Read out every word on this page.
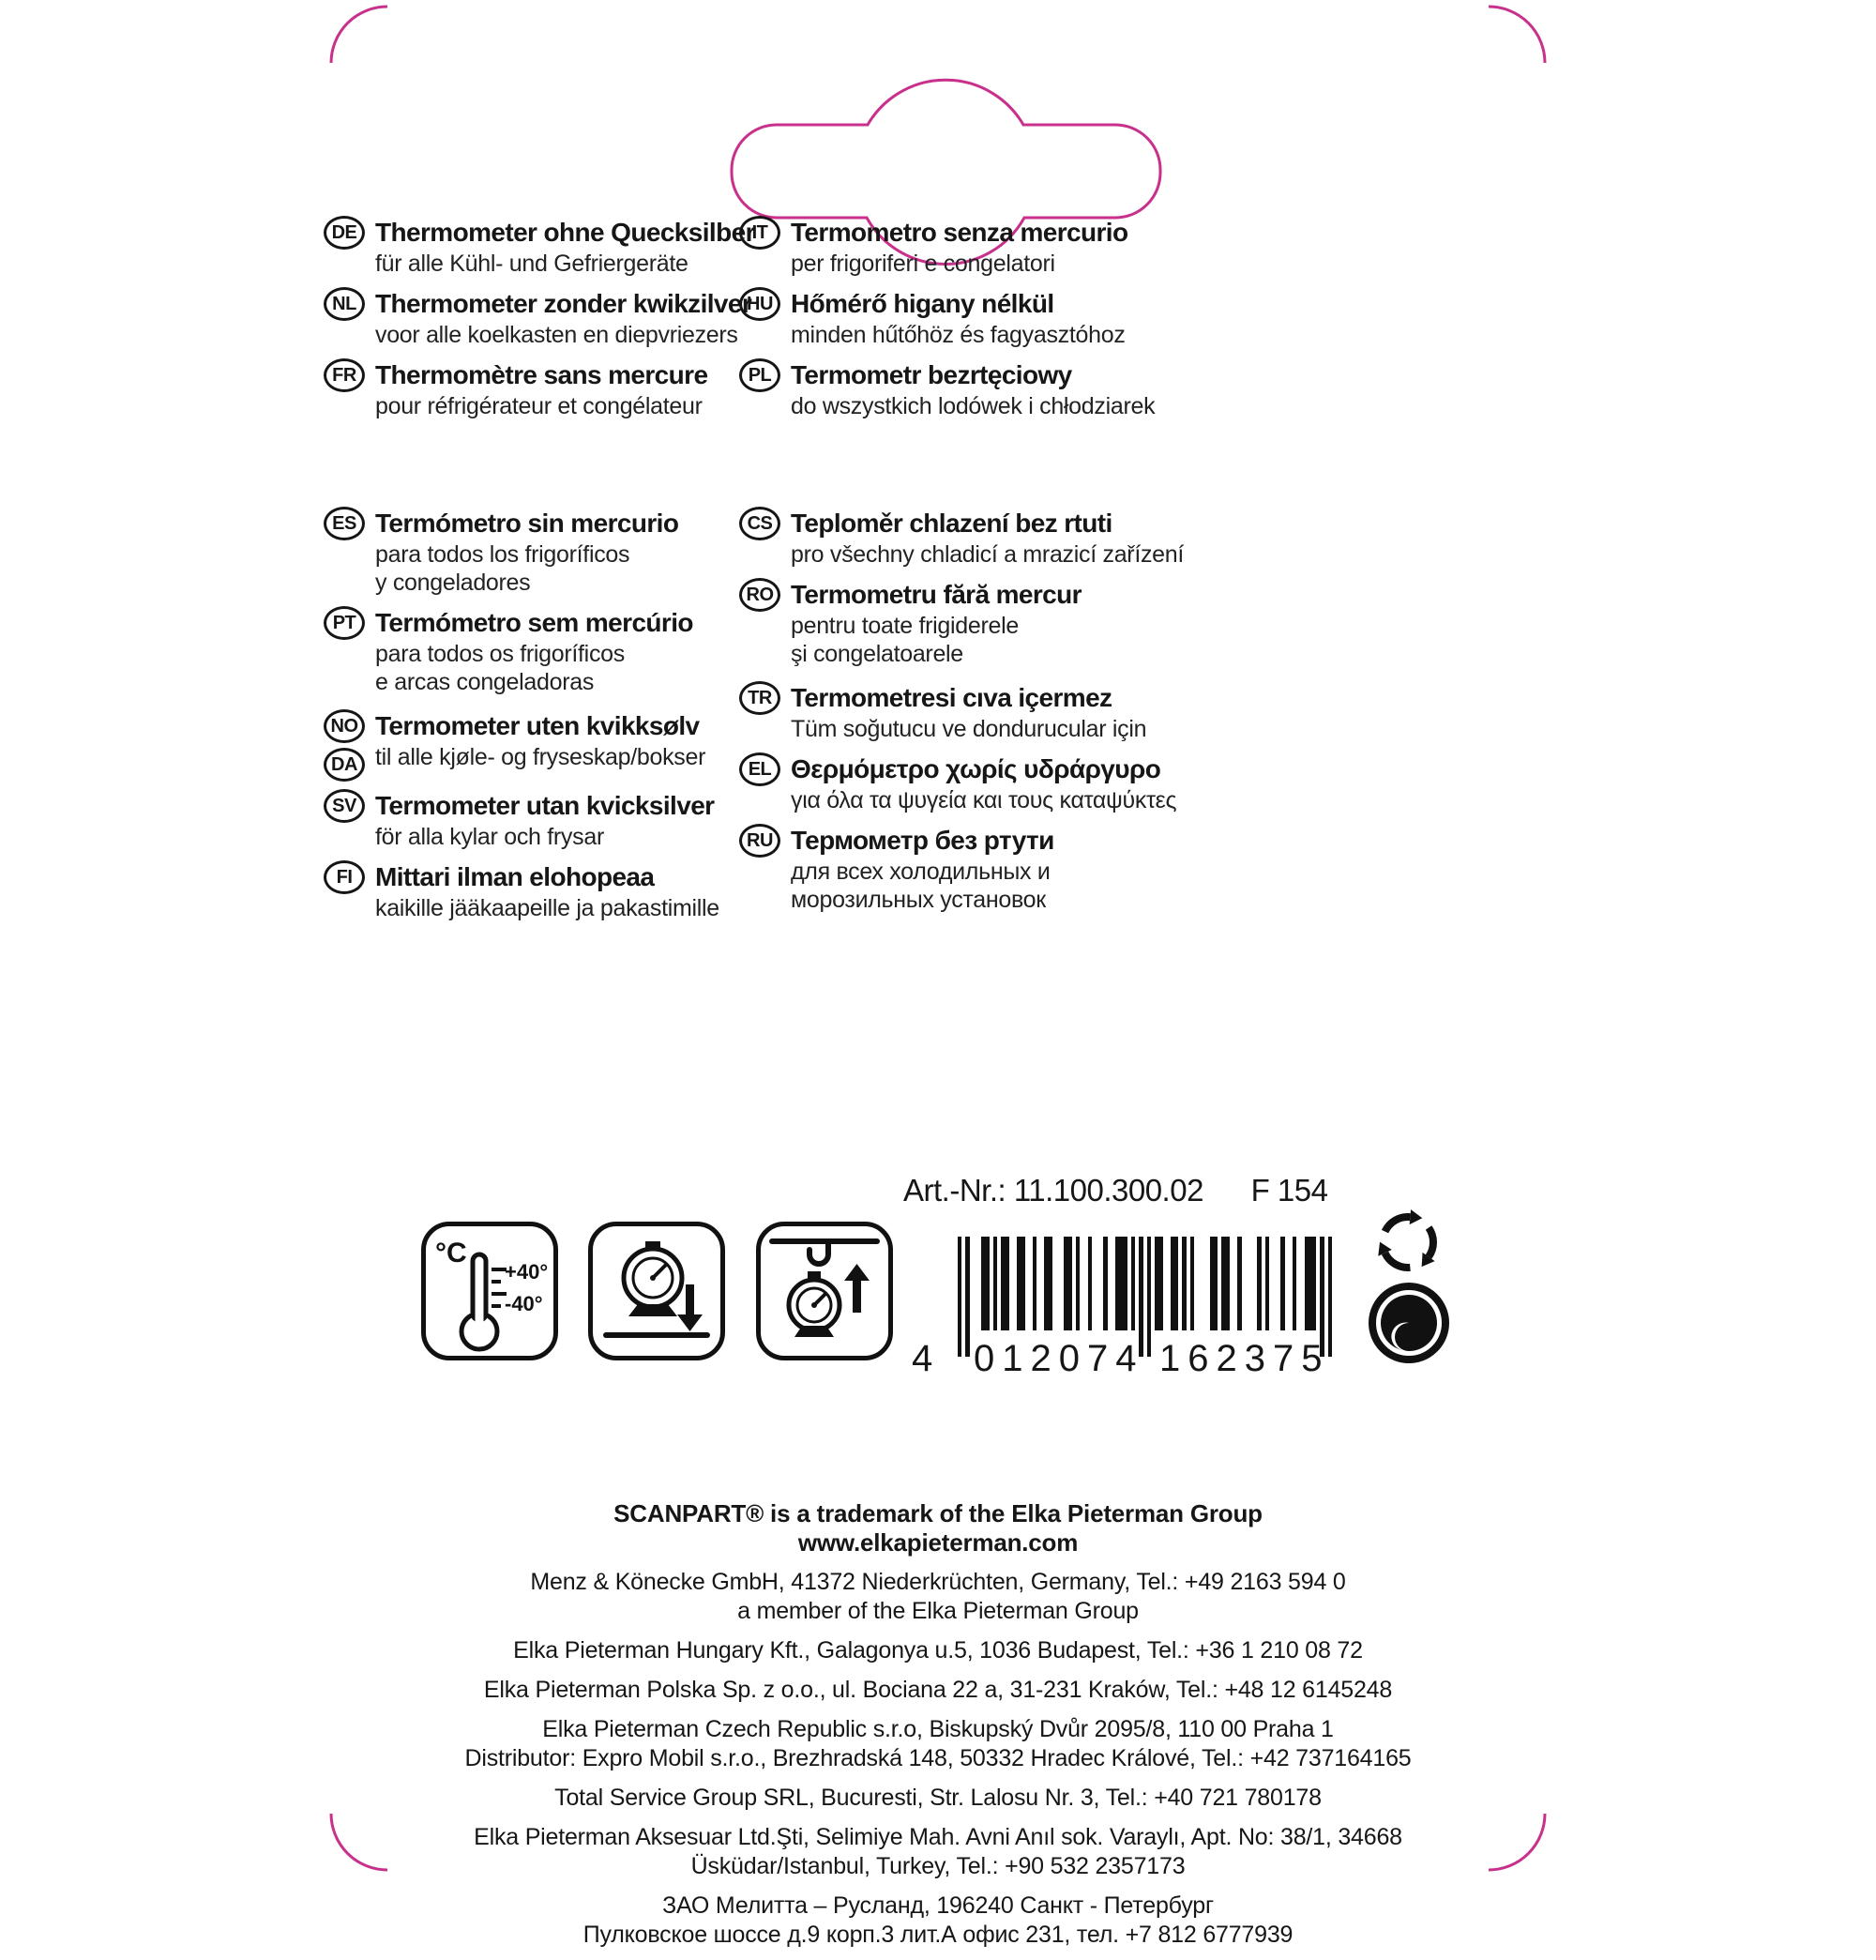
DE Thermometer ohne Quecksilber
für alle Kühl- und Gefriergeräte
NL Thermometer zonder kwikzilver
voor alle koelkasten en diepvriezers
FR Thermomètre sans mercure
pour réfrigérateur et congélateur
ES Termómetro sin mercurio
para todos los frigoríficos
y congeladores
PT Termómetro sem mercúrio
para todos os frigoríficos
e arcas congeladoras
NO
DA
Termometer uten kvikksølv
til alle kjøle- og fryseskap/bokser
SV Termometer utan kvicksilver
för alla kylar och frysar
FI Mittari ilman elohopeaa
kaikille jääkaapeille ja pakastimille
IT Termometro senza mercurio
per frigoriferi e congelatori
HU Hőmérő higany nélkül
minden hűtőhöz és fagyasztóhoz
PL Termometr bezrtęciowy
do wszystkich lodówek i chłodziarek
CS Teploměr chlazení bez rtuti
pro všechny chladicí a mrazicí zařízení
RO Termometru fără mercur
pentru toate frigiderele
şi congelatoarele
TR Termometresi cıva içermez
Tüm soğutucu ve dondurucular için
EL Θερμόμετρο χωρίς υδράργυρο
για όλα τα ψυγεία και τους καταψύκτες
RU Термометр без ртути
для всех холодильных и
морозильных установок
Art.-Nr.: 11.100.300.02 F 154
4 012074 162375
°C
+40°
-40°
SCANPART® is a trademark of the Elka Pieterman Group
www.elkapieterman.com
Menz & Könecke GmbH, 41372 Niederkrüchten, Germany, Tel.: +49 2163 594 0
a member of the Elka Pieterman Group
Elka Pieterman Hungary Kft., Galagonya u.5, 1036 Budapest, Tel.: +36 1 210 08 72
Elka Pieterman Polska Sp. z o.o., ul. Bociana 22 a, 31-231 Kraków, Tel.: +48 12 6145248
Elka Pieterman Czech Republic s.r.o, Biskupský Dvůr 2095/8, 110 00 Praha 1
Distributor: Expro Mobil s.r.o., Brezhradská 148, 50332 Hradec Králové, Tel.: +42 737164165
Total Service Group SRL, Bucuresti, Str. Lalosu Nr. 3, Tel.: +40 721 780178
Elka Pieterman Aksesuar Ltd.Şti, Selimiye Mah. Avni Anıl sok. Varaylı, Apt. No: 38/1, 34668
Üsküdar/Istanbul, Turkey, Tel.: +90 532 2357173
ЗАО Мелитта – Русланд, 196240 Санкт - Петербург
Пулковское шоссе д.9 корп.3 лит.А офис 231, тел. +7 812 6777939
